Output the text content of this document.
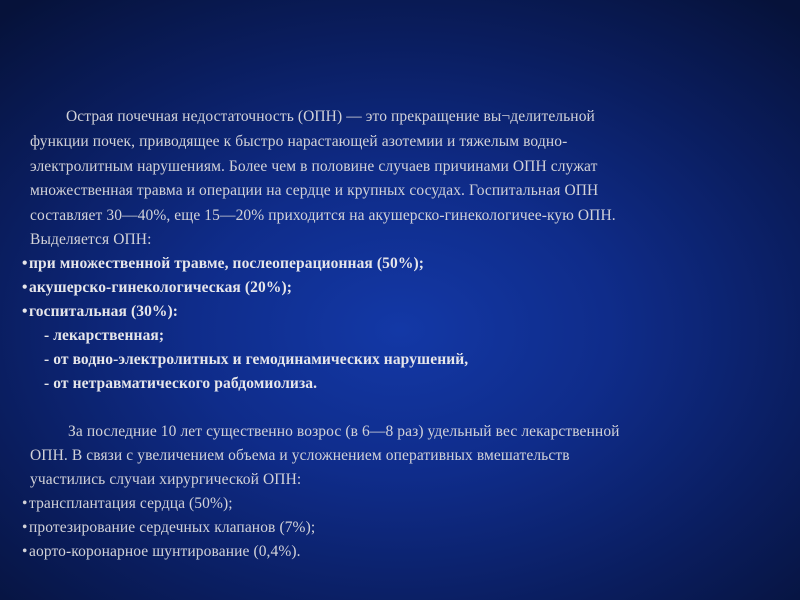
Острая почечная недостаточность (ОПН) — это прекращение вы¬делительной
функции почек, приводящее к быстро нарастающей азотемии и тяжелым водно-
электролитным нарушениям. Более чем в половине случаев причинами ОПН служат
множественная травма и операции на сердце и крупных сосудах. Госпитальная ОПН
составляет 30—40%, еще 15—20% приходится на акушерско-гинекологичее-кую ОПН.
Выделяется ОПН:
•при множественной травме, послеоперационная (50%);
•акушерско-гинекологическая (20%);
•госпитальная (30%):
- лекарственная;
- от водно-электролитных и гемодинамических нарушений,
- от нетравматического рабдомиолиза.
За последние 10 лет существенно возрос (в 6—8 раз) удельный вес лекарственной
ОПН. В связи с увеличением объема и усложнением оперативных вмешательств
участились случаи хирургической ОПН:
•трансплантация сердца (50%);
•протезирование сердечных клапанов (7%);
•аорто-коронарное шунтирование (0,4%).
